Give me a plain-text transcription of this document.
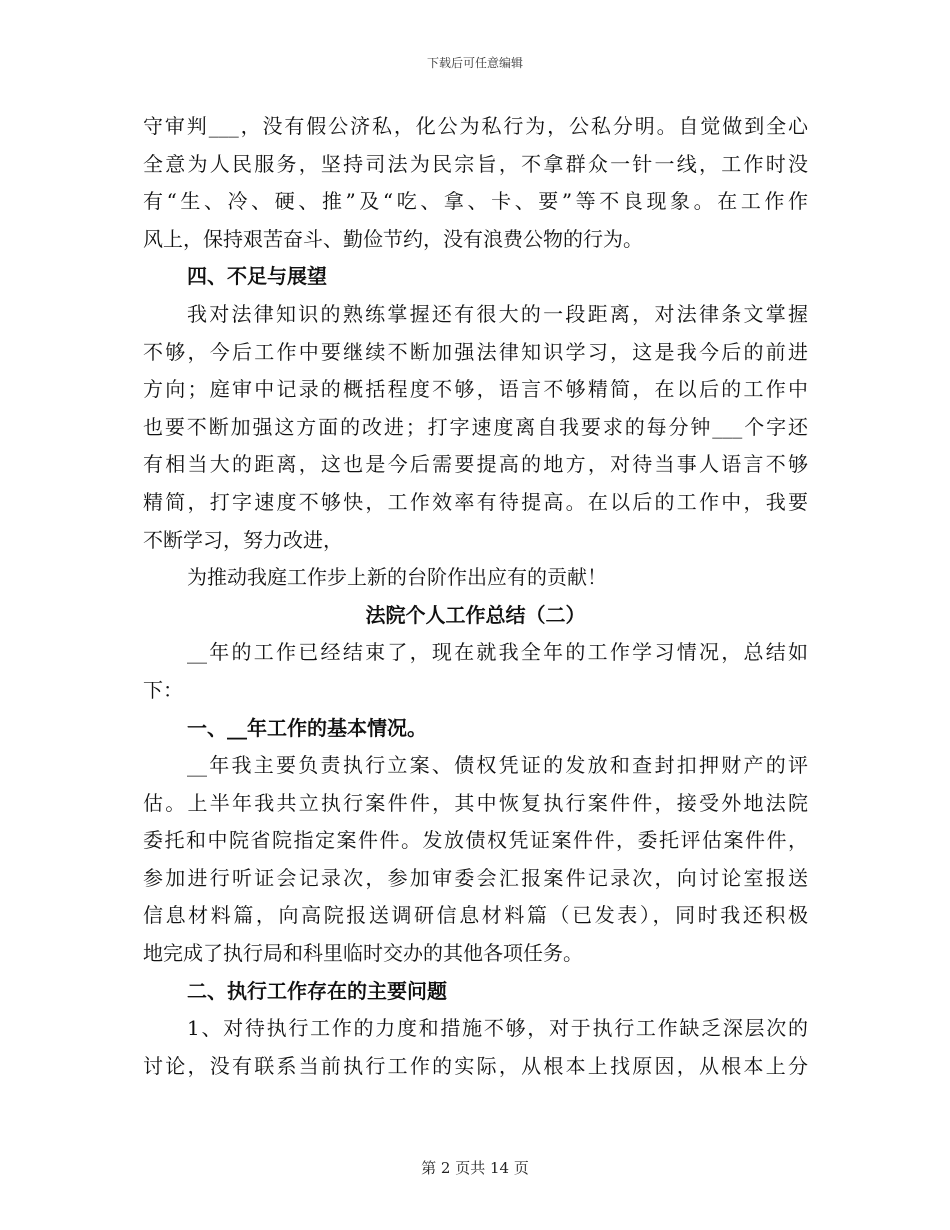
下载后可任意编辑
守审判___，没有假公济私，化公为私行为，公私分明。自觉做到全心
全意为人民服务，坚持司法为民宗旨，不拿群众一针一线，工作时没
有“生、冷、硬、推”及“吃、拿、卡、要”等不良现象。在工作作
风上，保持艰苦奋斗、勤俭节约，没有浪费公物的行为。
四、不足与展望
我对法律知识的熟练掌握还有很大的一段距离，对法律条文掌握
不够，今后工作中要继续不断加强法律知识学习，这是我今后的前进
方向；庭审中记录的概括程度不够，语言不够精简，在以后的工作中
也要不断加强这方面的改进；打字速度离自我要求的每分钟___个字还
有相当大的距离，这也是今后需要提高的地方，对待当事人语言不够
精简，打字速度不够快，工作效率有待提高。在以后的工作中，我要
不断学习，努力改进，
为推动我庭工作步上新的台阶作出应有的贡献！
法院个人工作总结（二）
__年的工作已经结束了，现在就我全年的工作学习情况，总结如
下：
一、__年工作的基本情况。
__年我主要负责执行立案、债权凭证的发放和查封扣押财产的评
估。上半年我共立执行案件件，其中恢复执行案件件，接受外地法院
委托和中院省院指定案件件。发放债权凭证案件件，委托评估案件件，
参加进行听证会记录次，参加审委会汇报案件记录次，向讨论室报送
信息材料篇，向高院报送调研信息材料篇（已发表），同时我还积极
地完成了执行局和科里临时交办的其他各项任务。
二、执行工作存在的主要问题
1、对待执行工作的力度和措施不够，对于执行工作缺乏深层次的
讨论，没有联系当前执行工作的实际，从根本上找原因，从根本上分
第 2 页共 14 页
